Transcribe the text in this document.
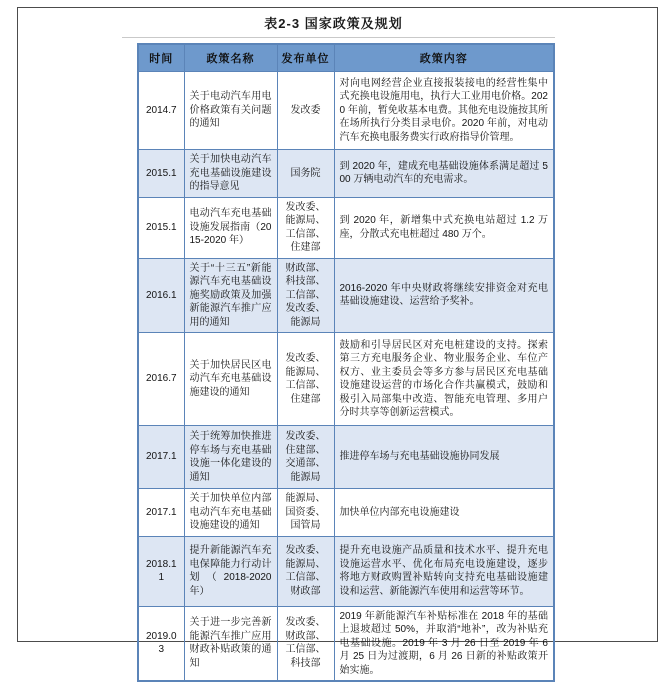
表2-3 国家政策及规划
时间	政策名称	发布单位	政策内容
2014.7	关于电动汽车用电价格政策有关问题的通知	发改委	对向电网经营企业直接报装接电的经营性集中式充换电设施用电，执行大工业用电价格。2020 年前，暂免收基本电费。其他充电设施按其所在场所执行分类目录电价。2020 年前，对电动汽车充换电服务费实行政府指导价管理。
2015.1	关于加快电动汽车充电基础设施建设的指导意见	国务院	到 2020 年，建成充电基础设施体系满足超过 500 万辆电动汽车的充电需求。
2015.1	电动汽车充电基础设施发展指南（2015-2020 年）	发改委、能源局、工信部、住建部	到 2020 年，新增集中式充换电站超过 1.2 万座，分散式充电桩超过 480 万个。
2016.1	关于“十三五”新能源汽车充电基础设施奖励政策及加强新能源汽车推广应用的通知	财政部、科技部、工信部、发改委、能源局	2016-2020 年中央财政将继续安排资金对充电基础设施建设、运营给予奖补。
2016.7	关于加快居民区电动汽车充电基础设施建设的通知	发改委、能源局、工信部、住建部	鼓励和引导居民区对充电桩建设的支持。探索第三方充电服务企业、物业服务企业、车位产权方、业主委员会等多方参与居民区充电基础设施建设运营的市场化合作共赢模式，鼓励和极引入局部集中改造、智能充电管理、多用户分时共享等创新运营模式。
2017.1	关于统筹加快推进停车场与充电基础设施一体化建设的通知	发改委、住建部、交通部、能源局	推进停车场与充电基础设施协同发展
2017.1	关于加快单位内部电动汽车充电基础设施建设的通知	能源局、国资委、国管局	加快单位内部充电设施建设
2018.11	提升新能源汽车充电保障能力行动计划（2018-2020 年）	发改委、能源局、工信部、财政部	提升充电设施产品质量和技术水平、提升充电设施运营水平、优化布局充电设施建设，逐步将地方财政购置补贴转向支持充电基础设施建设和运营、新能源汽车使用和运营等环节。
2019.03	关于进一步完善新能源汽车推广应用财政补贴政策的通知	发改委、财政部、工信部、科技部	2019 年新能源汽车补贴标准在 2018 年的基础上退坡超过 50%，并取消“地补”，改为补贴充电基础设施。2019 年 3 月 26 日至 2019 年 6 月 25 日为过渡期，6 月 26 日新的补贴政策开始实施。
